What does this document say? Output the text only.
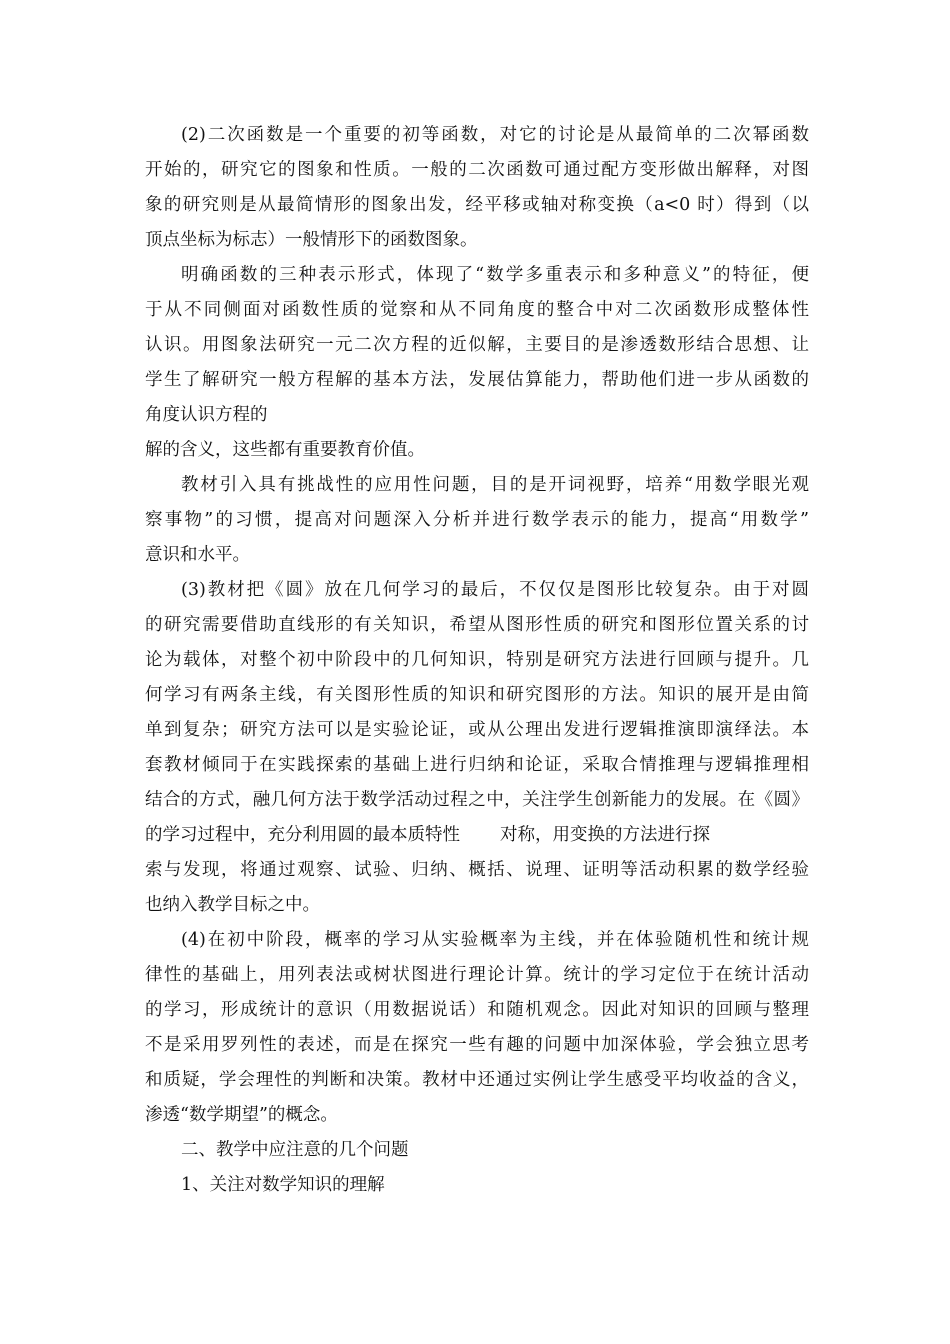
(2)二次函数是一个重要的初等函数，对它的讨论是从最简单的二次幂函数
开始的，研究它的图象和性质。一般的二次函数可通过配方变形做出解释，对图
象的研究则是从最简情形的图象出发，经平移或轴对称变换（a<0 时）得到（以
顶点坐标为标志）一般情形下的函数图象。
明确函数的三种表示形式，体现了“数学多重表示和多种意义”的特征，便
于从不同侧面对函数性质的觉察和从不同角度的整合中对二次函数形成整体性
认识。用图象法研究一元二次方程的近似解，主要目的是渗透数形结合思想、让
学生了解研究一般方程解的基本方法，发展估算能力，帮助他们进一步从函数的
角度认识方程的
解的含义，这些都有重要教育价值。
教材引入具有挑战性的应用性问题，目的是开词视野，培养“用数学眼光观
察事物”的习惯，提高对问题深入分析并进行数学表示的能力，提高“用数学”
意识和水平。
(3)教材把《圆》放在几何学习的最后，不仅仅是图形比较复杂。由于对圆
的研究需要借助直线形的有关知识，希望从图形性质的研究和图形位置关系的讨
论为载体，对整个初中阶段中的几何知识，特别是研究方法进行回顾与提升。几
何学习有两条主线，有关图形性质的知识和研究图形的方法。知识的展开是由简
单到复杂；研究方法可以是实验论证，或从公理出发进行逻辑推演即演绎法。本
套教材倾同于在实践探索的基础上进行归纳和论证，采取合情推理与逻辑推理相
结合的方式，融几何方法于数学活动过程之中，关注学生创新能力的发展。在《圆》
的学习过程中，充分利用圆的最本质特性 对称，用变换的方法进行探
索与发现，将通过观察、试验、归纳、概括、说理、证明等活动积累的数学经验
也纳入教学目标之中。
(4)在初中阶段，概率的学习从实验概率为主线，并在体验随机性和统计规
律性的基础上，用列表法或树状图进行理论计算。统计的学习定位于在统计活动
的学习，形成统计的意识（用数据说话）和随机观念。因此对知识的回顾与整理
不是采用罗列性的表述，而是在探究一些有趣的问题中加深体验，学会独立思考
和质疑，学会理性的判断和决策。教材中还通过实例让学生感受平均收益的含义，
渗透“数学期望”的概念。
二、教学中应注意的几个问题
1、关注对数学知识的理解
